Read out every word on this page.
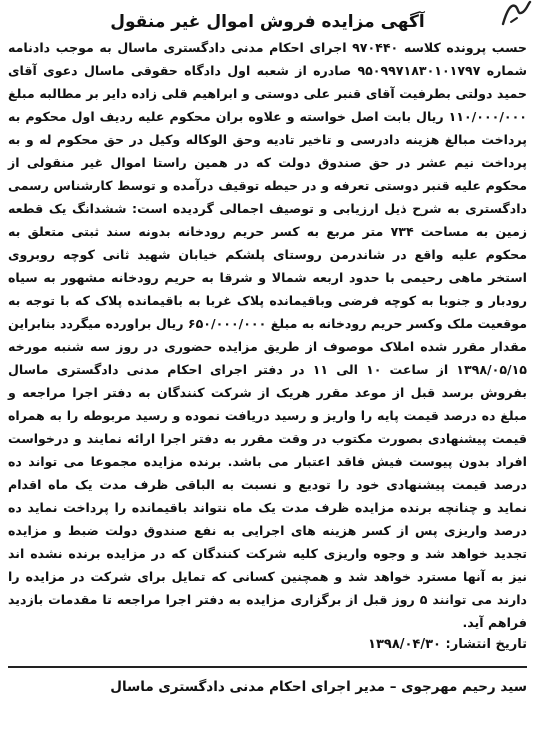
آگهی مزایده فروش اموال غیر منقول

حسب پرونده کلاسه ۹۷۰۴۴۰ اجرای احکام مدنی دادگستری ماسال به موجب دادنامه شماره ۹۵۰۹۹۷۱۸۳۰۱۰۱۷۹۷ صادره از شعبه اول دادگاه حقوقی ماسال دعوی آقای حمید دولتی بطرفیت آقای قنبر علی دوستی و ابراهیم قلی زاده دایر بر مطالبه مبلغ ۱۱۰/۰۰۰/۰۰۰ ریال بابت اصل خواسته و علاوه بران محکوم علیه ردیف اول محکوم به پرداخت مبالغ هزینه دادرسی و تاخیر تادیه وحق الوکاله وکیل در حق محکوم له و به پرداخت نیم عشر در حق صندوق دولت که در همین راستا اموال غیر منقولی از محکوم علیه قنبر دوستی تعرفه و در حیطه توقیف درآمده و توسط کارشناس رسمی دادگستری به شرح ذیل ارزیابی و توصیف اجمالی گردیده است: ششدانگ یک قطعه زمین به مساحت ۷۳۴ متر مربع به کسر حریم رودخانه بدونه سند ثبتی متعلق به محکوم علیه واقع در شاندرمن روستای پلشکم خیابان شهید ثانی کوچه روبروی استخر ماهی رحیمی با حدود اربعه شمالا و شرقا به حریم رودخانه مشهور به سیاه رودبار و جنوبا به کوچه فرضی وباقیمانده پلاک غربا به باقیمانده پلاک که با توجه به موقعیت ملک وکسر حریم رودخانه به مبلغ ۶۵۰/۰۰۰/۰۰۰ ریال براورده میگردد بنابراین مقدار مقرر شده املاک موصوف از طریق مزایده حضوری در روز سه شنبه مورخه ۱۳۹۸/۰۵/۱۵ از ساعت ۱۰ الی ۱۱ در دفتر اجرای احکام مدنی دادگستری ماسال بفروش برسد قبل از موعد مقرر هریک از شرکت کنندگان به دفتر اجرا مراجعه و مبلغ ده درصد قیمت پایه را واریز و رسید دریافت نموده و رسید مربوطه را به همراه قیمت پیشنهادی بصورت مکتوب در وقت مقرر به دفتر اجرا ارائه نمایند و درخواست افراد بدون پیوست فیش فاقد اعتبار می باشد. برنده مزایده مجموعا می تواند ده درصد قیمت پیشنهادی خود را تودیع و نسبت به الباقی ظرف مدت یک ماه اقدام نماید و چنانچه برنده مزایده ظرف مدت یک ماه نتواند باقیمانده را پرداخت نماید ده درصد واریزی پس از کسر هزینه های اجرایی به نفع صندوق دولت ضبط و مزایده تجدید خواهد شد و وجوه واریزی کلیه شرکت کنندگان که در مزایده برنده نشده اند نیز به آنها مسترد خواهد شد و همچنین کسانی که تمایل برای شرکت در مزایده را دارند می توانند ۵ روز قبل از برگزاری مزایده به دفتر اجرا مراجعه تا مقدمات بازدید فراهم آید.

تاریخ انتشار: ۱۳۹۸/۰۴/۳۰

سید رحیم مهرجوی – مدیر اجرای احکام مدنی دادگستری ماسال
